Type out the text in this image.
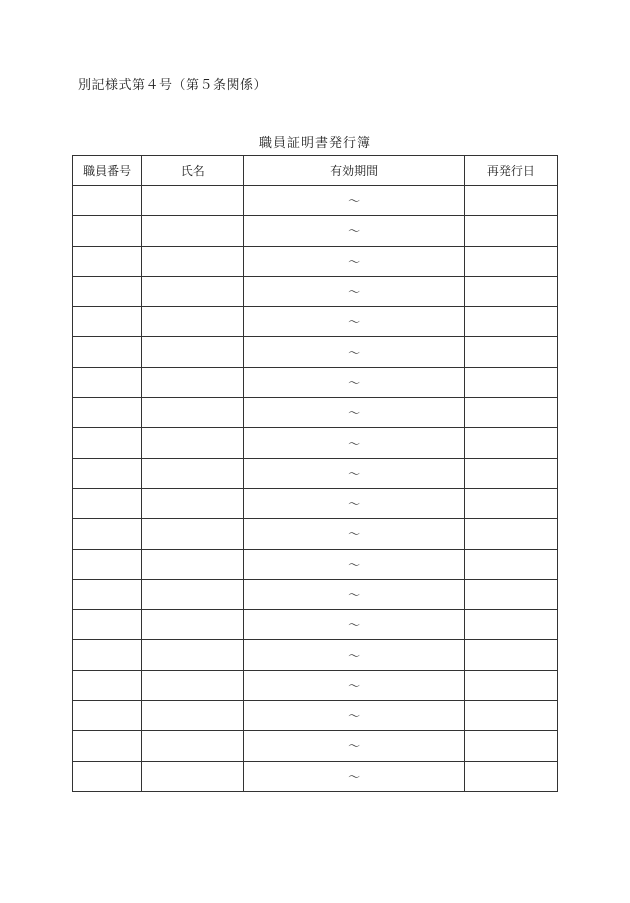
別記様式第４号（第５条関係）
職員証明書発行簿
職員番号	氏名	有効期間	再発行日
		～	
		～	
		～	
		～	
		～	
		～	
		～	
		～	
		～	
		～	
		～	
		～	
		～	
		～	
		～	
		～	
		～	
		～	
		～	
		～	
